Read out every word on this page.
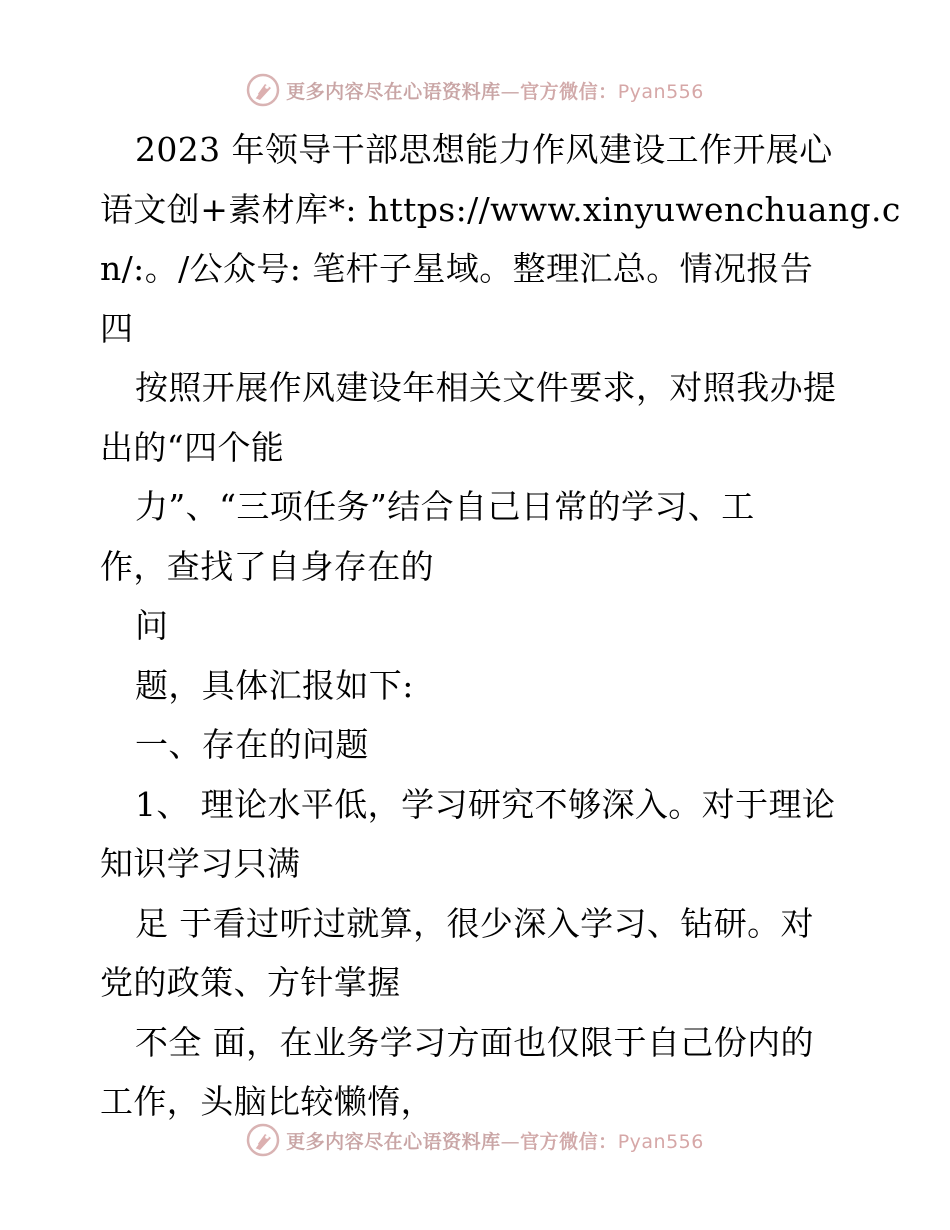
更多内容尽在心语资料库—官方微信：Pyan556
2023 年领导干部思想能力作风建设工作开展心
语文创+素材库*: https://www.xinyuwenchuang.c
n/:。/公众号: 笔杆子星域。整理汇总。情况报告
四
按照开展作风建设年相关文件要求，对照我办提
出的“四个能
力”、“三项任务”结合自己日常的学习、工
作，查找了自身存在的
问
题，具体汇报如下:
一、存在的问题
1、 理论水平低，学习研究不够深入。对于理论
知识学习只满
足 于看过听过就算，很少深入学习、钻研。对
党的政策、方针掌握
不全 面，在业务学习方面也仅限于自己份内的
工作，头脑比较懒惰，
更多内容尽在心语资料库—官方微信：Pyan556
